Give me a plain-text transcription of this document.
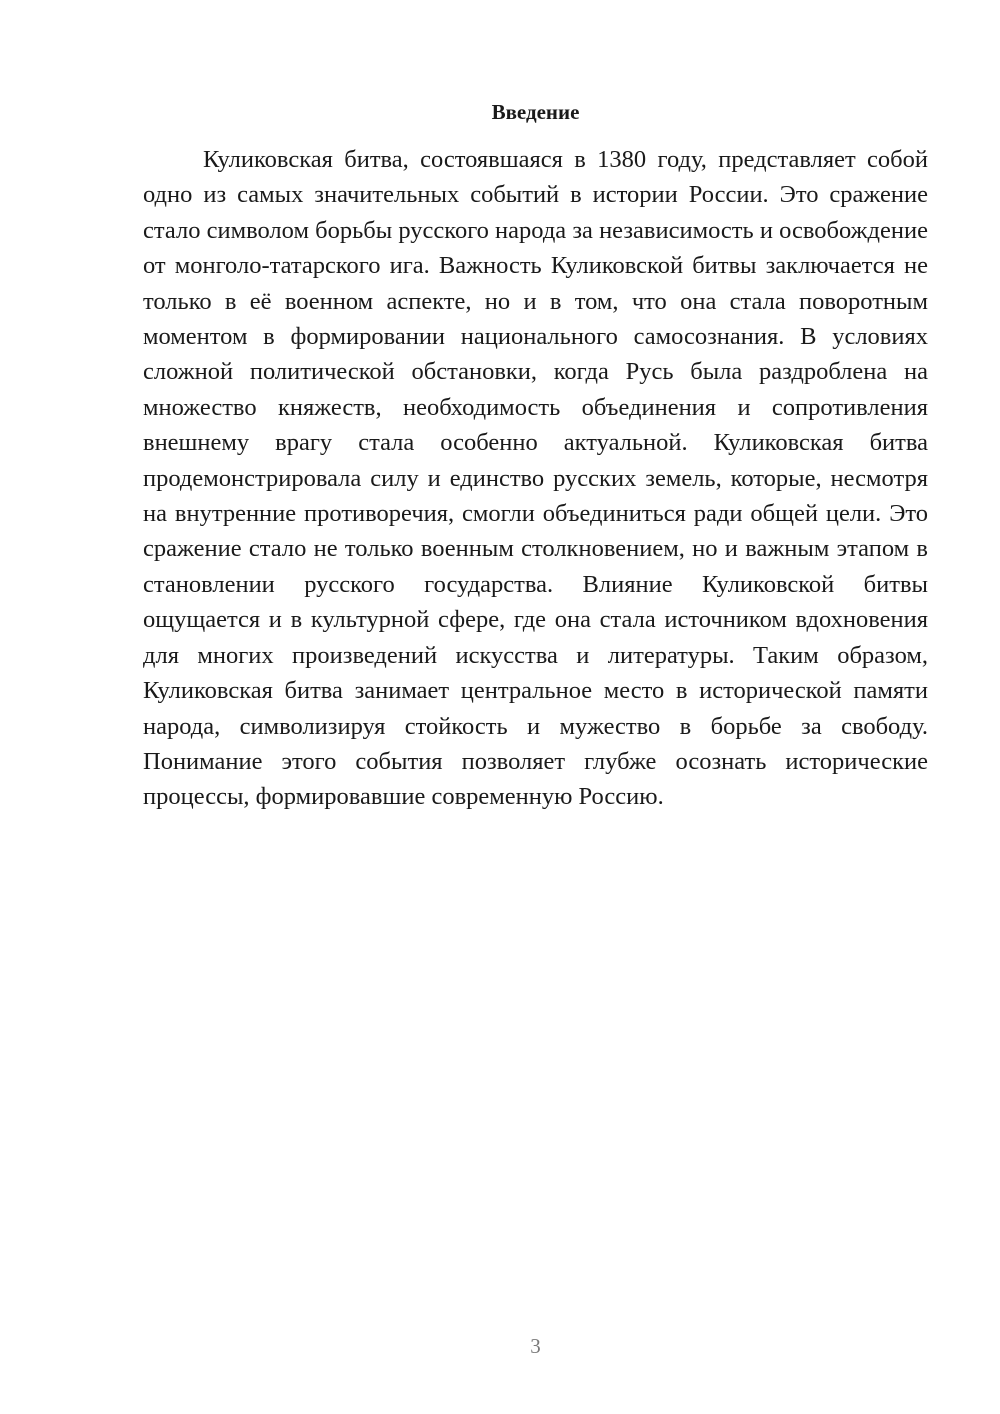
Введение

Куликовская битва, состоявшаяся в 1380 году, представляет собой одно из самых значительных событий в истории России. Это сражение стало символом борьбы русского народа за независимость и освобождение от монголо-татарского ига. Важность Куликовской битвы заключается не только в её военном аспекте, но и в том, что она стала поворотным моментом в формировании национального самосознания. В условиях сложной политической обстановки, когда Русь была раздроблена на множество княжеств, необходимость объединения и сопротивления внешнему врагу стала особенно актуальной. Куликовская битва продемонстрировала силу и единство русских земель, которые, несмотря на внутренние противоречия, смогли объединиться ради общей цели. Это сражение стало не только военным столкновением, но и важным этапом в становлении русского государства. Влияние Куликовской битвы ощущается и в культурной сфере, где она стала источником вдохновения для многих произведений искусства и литературы. Таким образом, Куликовская битва занимает центральное место в исторической памяти народа, символизируя стойкость и мужество в борьбе за свободу. Понимание этого события позволяет глубже осознать исторические процессы, формировавшие современную Россию.

3
